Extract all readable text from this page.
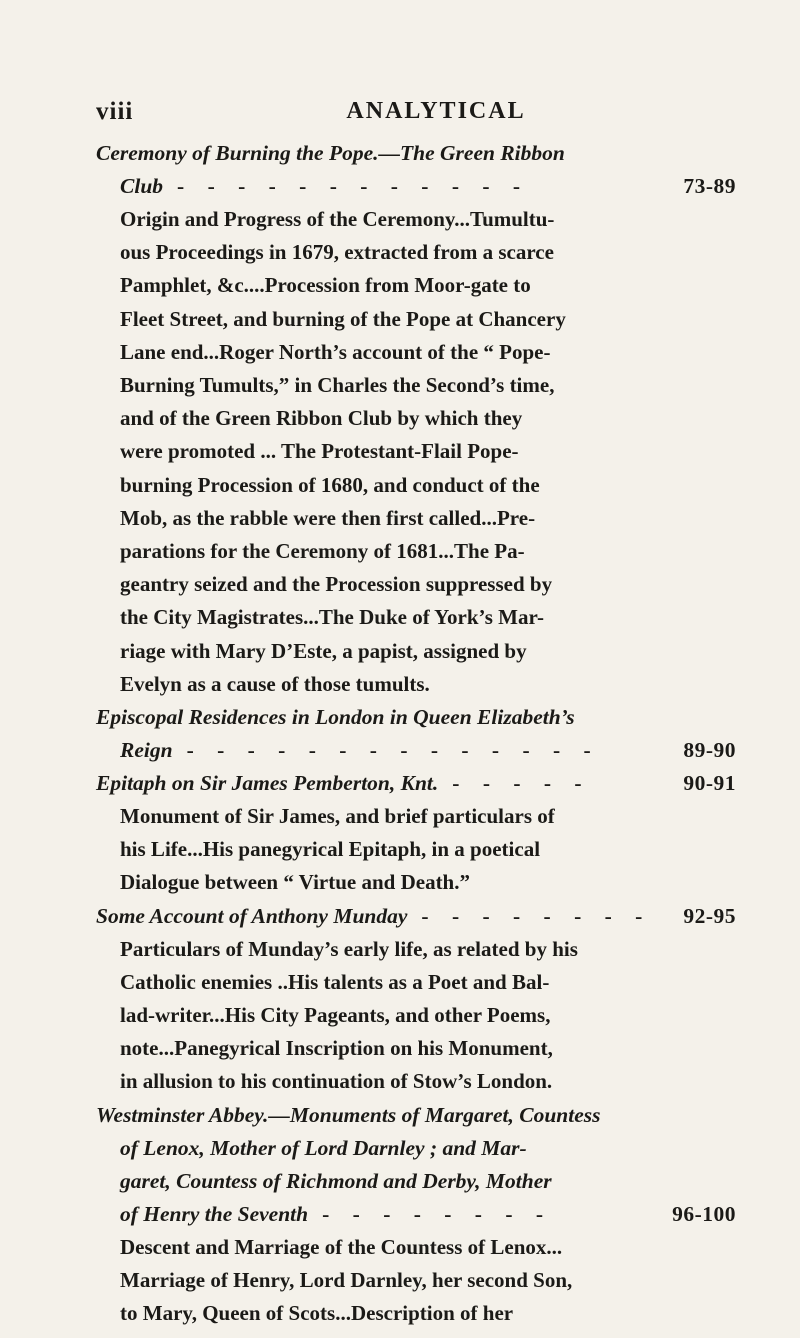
viii	ANALYTICAL
Ceremony of Burning the Pope.—The Green Ribbon
Club - - - - - - - - - - - -	73-89

Origin and Progress of the Ceremony...Tumultu-
ous Proceedings in 1679, extracted from a scarce
Pamphlet, &c....Procession from Moor-gate to
Fleet Street, and burning of the Pope at Chancery
Lane end...Roger North’s account of the “ Pope-
Burning Tumults,” in Charles the Second’s time,
and of the Green Ribbon Club by which they
were promoted ... The Protestant-Flail Pope-
burning Procession of 1680, and conduct of the
Mob, as the rabble were then first called...Pre-
parations for the Ceremony of 1681...The Pa-
geantry seized and the Procession suppressed by
the City Magistrates...The Duke of York’s Mar-
riage with Mary D’Este, a papist, assigned by
Evelyn as a cause of those tumults.

Episcopal Residences in London in Queen Elizabeth’s
Reign - - - - - - - - - - - - - -	89-90
Epitaph on Sir James Pemberton, Knt. - - - - -	90-91

Monument of Sir James, and brief particulars of
his Life...His panegyrical Epitaph, in a poetical
Dialogue between “ Virtue and Death.”

Some Account of Anthony Munday - - - - - - - -	92-95

Particulars of Munday’s early life, as related by his
Catholic enemies ..His talents as a Poet and Bal-
lad-writer...His City Pageants, and other Poems,
note...Panegyrical Inscription on his Monument,
in allusion to his continuation of Stow’s London.

Westminster Abbey.—Monuments of Margaret, Countess
of Lenox, Mother of Lord Darnley ; and Mar-
garet, Countess of Richmond and Derby, Mother
of Henry the Seventh - - - - - - - -	96-100

Descent and Marriage of the Countess of Lenox...
Marriage of Henry, Lord Darnley, her second Son,
to Mary, Queen of Scots...Description of her
